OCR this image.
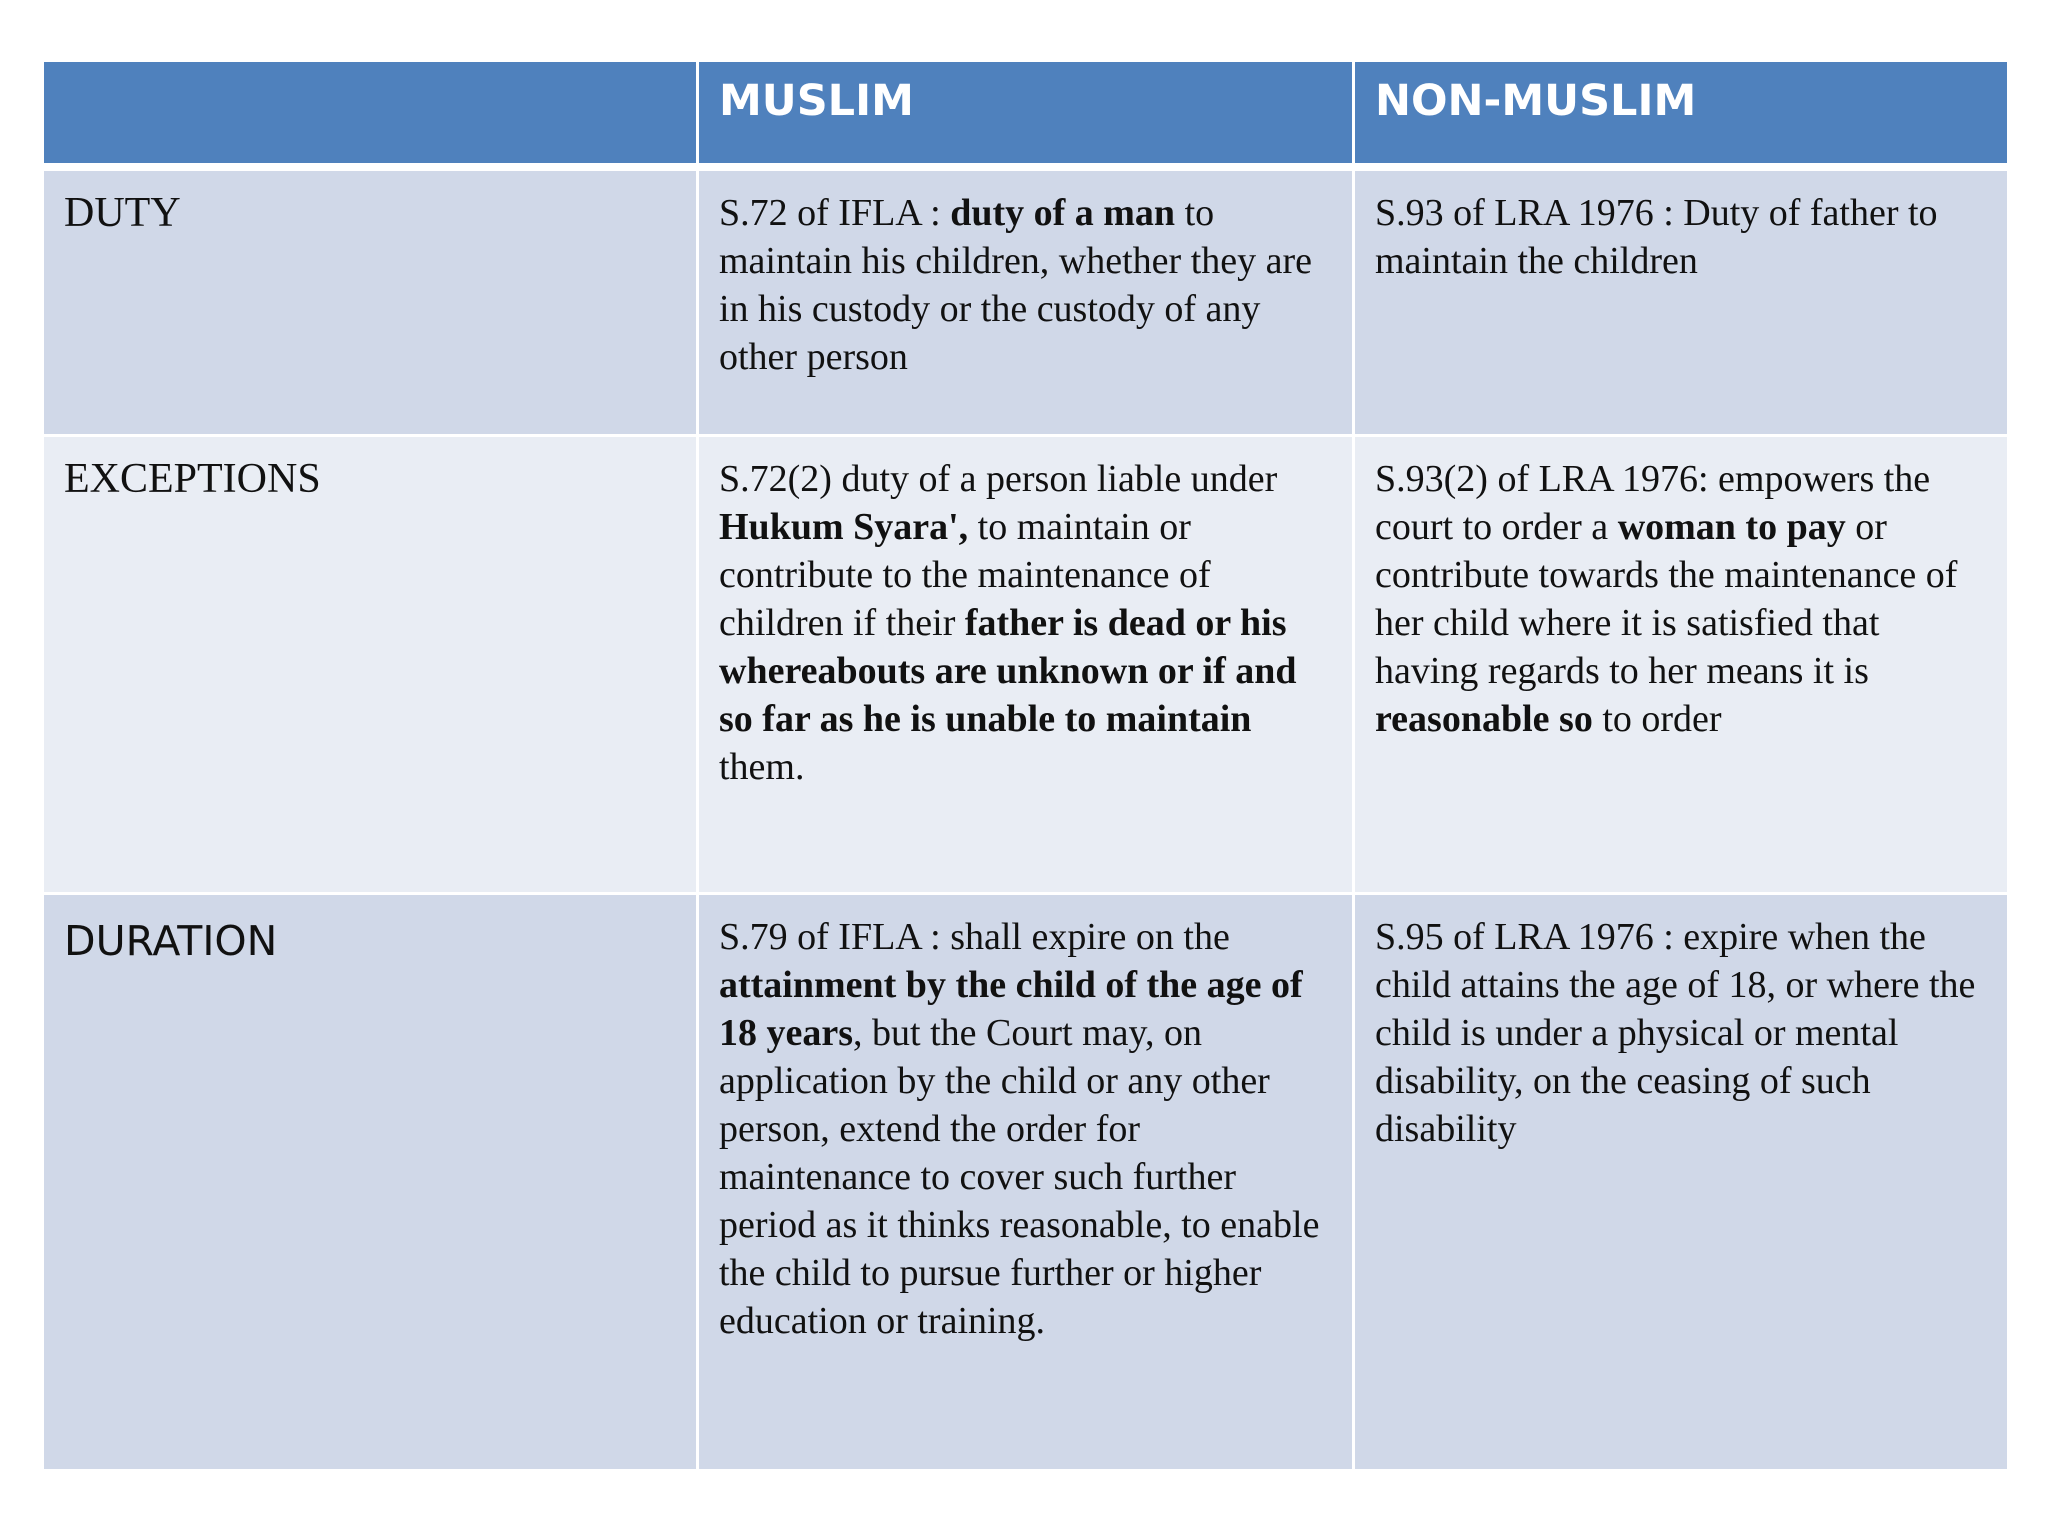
	MUSLIM	NON-MUSLIM
DUTY	S.72 of IFLA : duty of a man to maintain his children, whether they are in his custody or the custody of any other person	S.93 of LRA 1976 : Duty of father to maintain the children
EXCEPTIONS	S.72(2) duty of a person liable under Hukum Syara', to maintain or contribute to the maintenance of children if their father is dead or his whereabouts are unknown or if and so far as he is unable to maintain them.	S.93(2) of LRA 1976: empowers the court to order a woman to pay or contribute towards the maintenance of her child where it is satisfied that having regards to her means it is reasonable so to order
DURATION	S.79 of IFLA : shall expire on the attainment by the child of the age of 18 years, but the Court may, on application by the child or any other person, extend the order for maintenance to cover such further period as it thinks reasonable, to enable the child to pursue further or higher education or training.	S.95 of LRA 1976 : expire when the child attains the age of 18, or where the child is under a physical or mental disability, on the ceasing of such disability
